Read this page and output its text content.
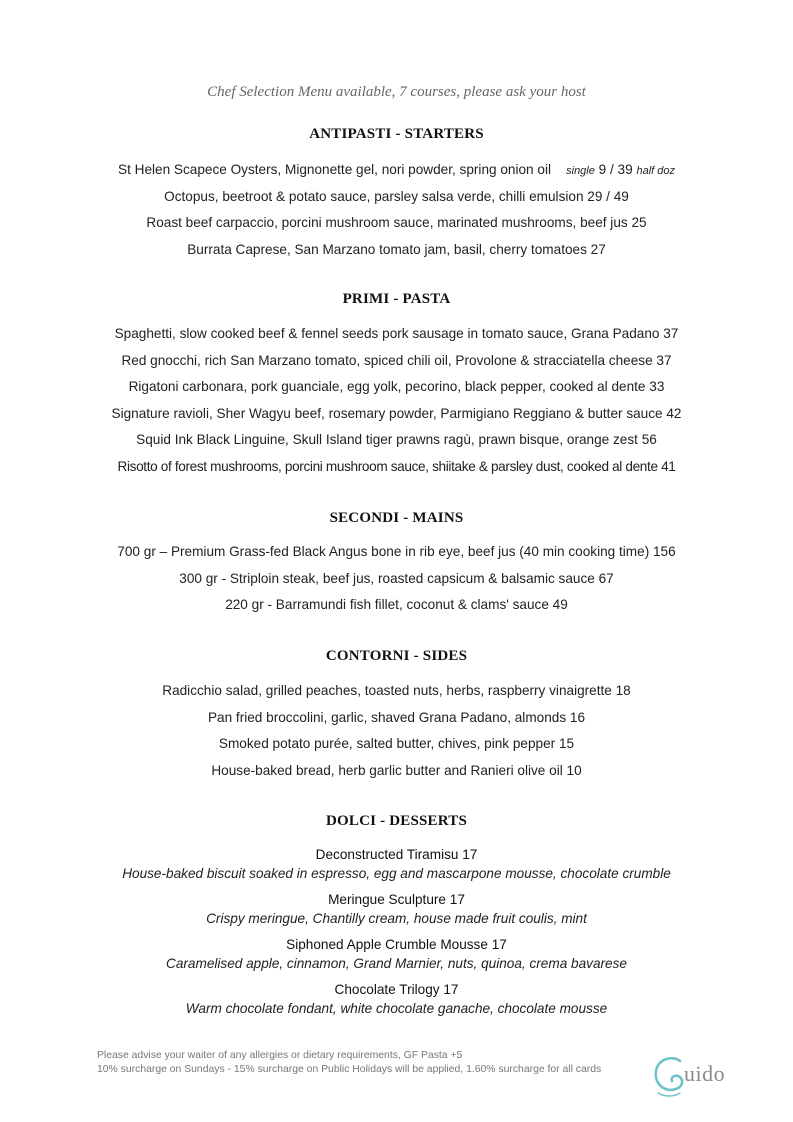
Chef Selection Menu available, 7 courses, please ask your host
ANTIPASTI - STARTERS
St Helen Scapece Oysters, Mignonette gel, nori powder, spring onion oil single 9 / 39 half doz
Octopus, beetroot & potato sauce, parsley salsa verde, chilli emulsion 29 / 49
Roast beef carpaccio, porcini mushroom sauce, marinated mushrooms, beef jus 25
Burrata Caprese, San Marzano tomato jam, basil, cherry tomatoes 27
PRIMI - PASTA
Spaghetti, slow cooked beef & fennel seeds pork sausage in tomato sauce, Grana Padano 37
Red gnocchi, rich San Marzano tomato, spiced chili oil, Provolone & stracciatella cheese 37
Rigatoni carbonara, pork guanciale, egg yolk, pecorino, black pepper, cooked al dente 33
Signature ravioli, Sher Wagyu beef, rosemary powder, Parmigiano Reggiano & butter sauce 42
Squid Ink Black Linguine, Skull Island tiger prawns ragù, prawn bisque, orange zest 56
Risotto of forest mushrooms, porcini mushroom sauce, shiitake & parsley dust, cooked al dente 41
SECONDI - MAINS
700 gr – Premium Grass-fed Black Angus bone in rib eye, beef jus (40 min cooking time) 156
300 gr - Striploin steak, beef jus, roasted capsicum & balsamic sauce 67
220 gr - Barramundi fish fillet, coconut & clams' sauce 49
CONTORNI - SIDES
Radicchio salad, grilled peaches, toasted nuts, herbs, raspberry vinaigrette 18
Pan fried broccolini, garlic, shaved Grana Padano, almonds 16
Smoked potato purée, salted butter, chives, pink pepper 15
House-baked bread, herb garlic butter and Ranieri olive oil 10
DOLCI - DESSERTS
Deconstructed Tiramisu 17
House-baked biscuit soaked in espresso, egg and mascarpone mousse, chocolate crumble
Meringue Sculpture 17
Crispy meringue, Chantilly cream, house made fruit coulis, mint
Siphoned Apple Crumble Mousse 17
Caramelised apple, cinnamon, Grand Marnier, nuts, quinoa, crema bavarese
Chocolate Trilogy 17
Warm chocolate fondant, white chocolate ganache, chocolate mousse
Please advise your waiter of any allergies or dietary requirements, GF Pasta +5
10% surcharge on Sundays - 15% surcharge on Public Holidays will be applied, 1.60% surcharge for all cards	uido
